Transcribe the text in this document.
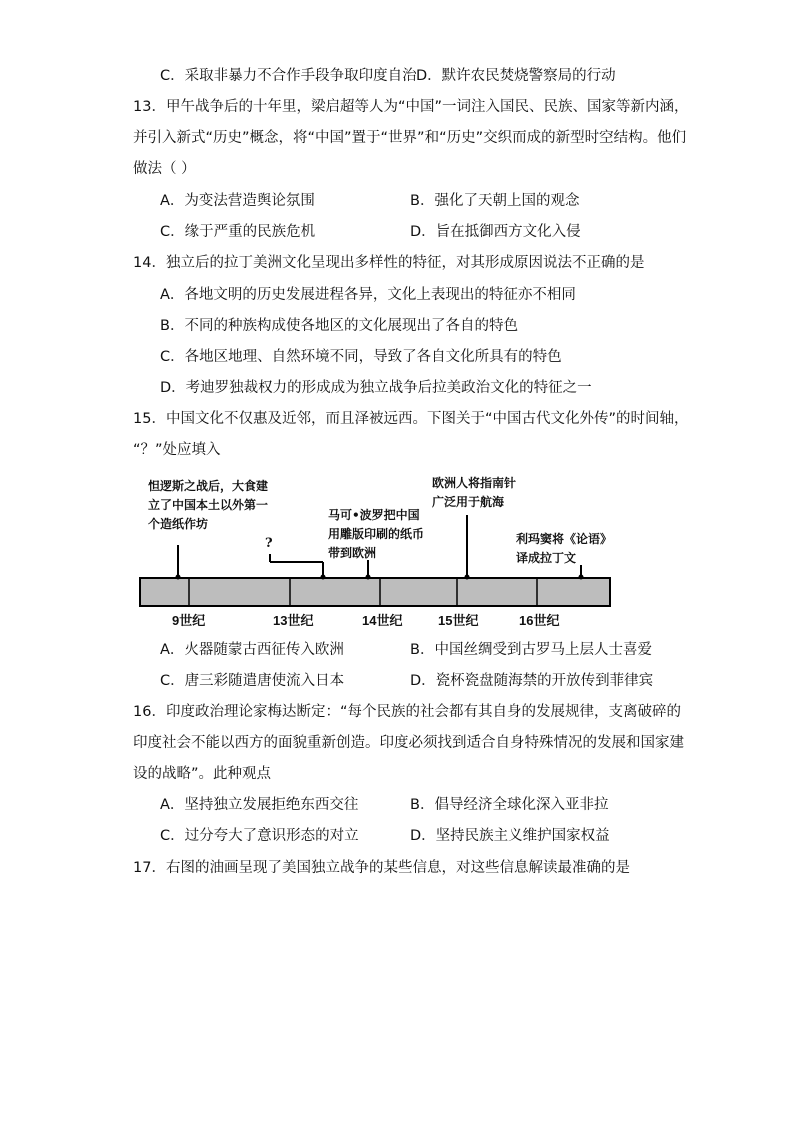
C．采取非暴力不合作手段争取印度自治 D．默许农民焚烧警察局的行动
13．甲午战争后的十年里，梁启超等人为“中国”一词注入国民、民族、国家等新内涵，
并引入新式“历史”概念，将“中国”置于“世界”和“历史”交织而成的新型时空结构。他们
做法（ ）
A．为变法营造舆论氛围	B．强化了天朝上国的观念
C．缘于严重的民族危机	D．旨在抵御西方文化入侵
14．独立后的拉丁美洲文化呈现出多样性的特征，对其形成原因说法不正确的是
A．各地文明的历史发展进程各异，文化上表现出的特征亦不相同
B．不同的种族构成使各地区的文化展现出了各自的特色
C．各地区地理、自然环境不同，导致了各自文化所具有的特色
D．考迪罗独裁权力的形成成为独立战争后拉美政治文化的特征之一
15．中国文化不仅惠及近邻，而且泽被远西。下图关于“中国古代文化外传”的时间轴，
“？”处应填入
怛逻斯之战后，大食建
立了中国本土以外第一
个造纸作坊
马可•波罗把中国
用雕版印刷的纸币
带到欧洲
?
欧洲人将指南针
广泛用于航海
利玛窦将《论语》
译成拉丁文
9世纪	13世纪	14世纪	15世纪	16世纪
A．火器随蒙古西征传入欧洲	B．中国丝绸受到古罗马上层人士喜爱
C．唐三彩随遣唐使流入日本	D．瓷杯瓷盘随海禁的开放传到菲律宾
16．印度政治理论家梅达断定：“每个民族的社会都有其自身的发展规律，支离破碎的
印度社会不能以西方的面貌重新创造。印度必须找到适合自身特殊情况的发展和国家建
设的战略”。此种观点
A．坚持独立发展拒绝东西交往	B．倡导经济全球化深入亚非拉
C．过分夸大了意识形态的对立	D．坚持民族主义维护国家权益
17．右图的油画呈现了美国独立战争的某些信息，对这些信息解读最准确的是
